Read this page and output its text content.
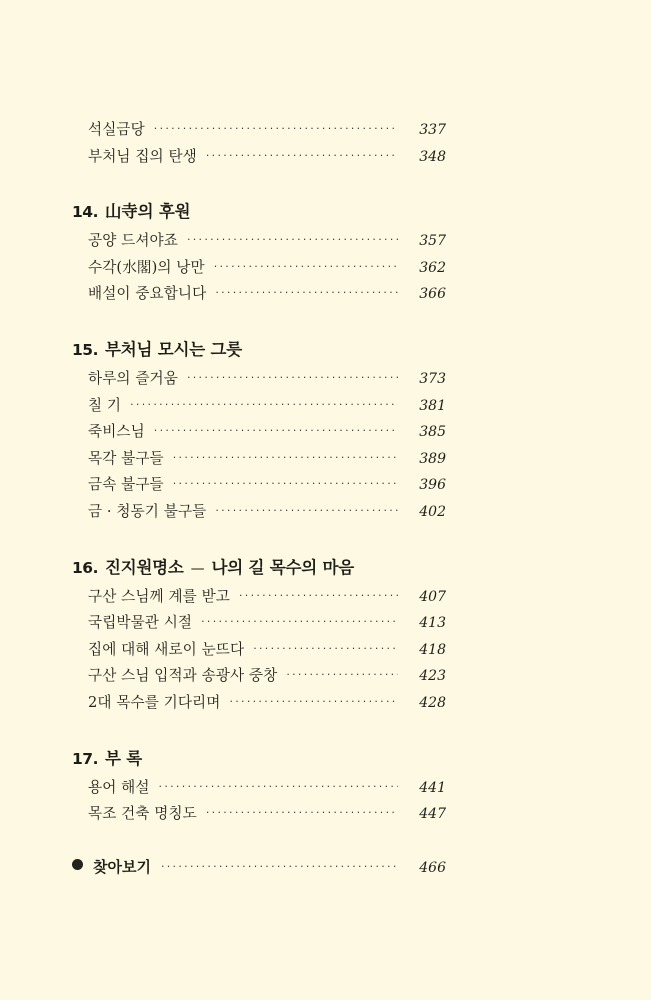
석실금당 .....	337
부처님 집의 탄생 .....	348
14. 山寺의 후원
공양 드셔야죠 .....	357
수각(水閣)의 낭만 .....	362
배설이 중요합니다 .....	366
15. 부처님 모시는 그릇
하루의 즐거움 .....	373
칠 기 .....	381
죽비스님 .....	385
목각 불구들 .....	389
금속 불구들 .....	396
금 · 청동기 불구들 .....	402
16. 진지원명소 — 나의 길 목수의 마음
구산 스님께 계를 받고 .....	407
국립박물관 시절 .....	413
집에 대해 새로이 눈뜨다 .....	418
구산 스님 입적과 송광사 중창 .....	423
2대 목수를 기다리며 .....	428
17. 부 록
용어 해설 .....	441
목조 건축 명칭도 .....	447
찾아보기 .....	466
